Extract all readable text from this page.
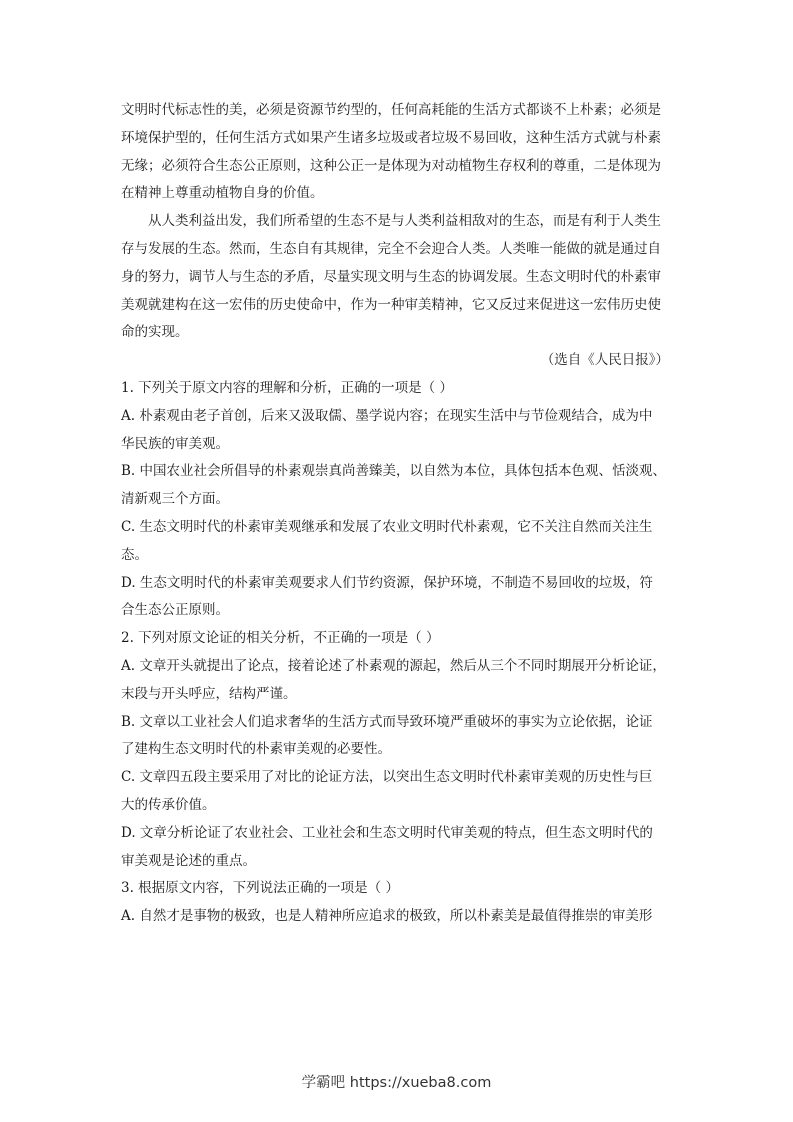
文明时代标志性的美，必须是资源节约型的，任何高耗能的生活方式都谈不上朴素；必须是
环境保护型的，任何生活方式如果产生诸多垃圾或者垃圾不易回收，这种生活方式就与朴素
无缘；必须符合生态公正原则，这种公正一是体现为对动植物生存权利的尊重，二是体现为
在精神上尊重动植物自身的价值。
从人类利益出发，我们所希望的生态不是与人类利益相敌对的生态，而是有利于人类生
存与发展的生态。然而，生态自有其规律，完全不会迎合人类。人类唯一能做的就是通过自
身的努力，调节人与生态的矛盾，尽量实现文明与生态的协调发展。生态文明时代的朴素审
美观就建构在这一宏伟的历史使命中，作为一种审美精神，它又反过来促进这一宏伟历史使
命的实现。
（选自《人民日报》）
1. 下列关于原文内容的理解和分析，正确的一项是（ ）
A. 朴素观由老子首创，后来又汲取儒、墨学说内容；在现实生活中与节俭观结合，成为中
华民族的审美观。
B. 中国农业社会所倡导的朴素观崇真尚善臻美，以自然为本位，具体包括本色观、恬淡观、
清新观三个方面。
C. 生态文明时代的朴素审美观继承和发展了农业文明时代朴素观，它不关注自然而关注生
态。
D. 生态文明时代的朴素审美观要求人们节约资源，保护环境，不制造不易回收的垃圾，符
合生态公正原则。
2. 下列对原文论证的相关分析，不正确的一项是（ ）
A. 文章开头就提出了论点，接着论述了朴素观的源起，然后从三个不同时期展开分析论证，
末段与开头呼应，结构严谨。
B. 文章以工业社会人们追求奢华的生活方式而导致环境严重破坏的事实为立论依据，论证
了建构生态文明时代的朴素审美观的必要性。
C. 文章四五段主要采用了对比的论证方法，以突出生态文明时代朴素审美观的历史性与巨
大的传承价值。
D. 文章分析论证了农业社会、工业社会和生态文明时代审美观的特点，但生态文明时代的
审美观是论述的重点。
3. 根据原文内容，下列说法正确的一项是（ ）
A. 自然才是事物的极致，也是人精神所应追求的极致，所以朴素美是最值得推崇的审美形
学霸吧 https://xueba8.com
